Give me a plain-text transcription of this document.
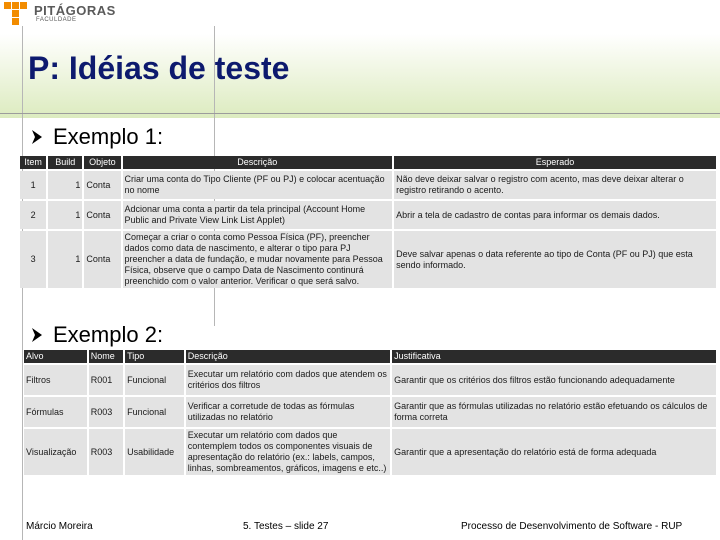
PITÁGORAS
FACULDADE
P: Idéias de teste
Exemplo 1:
Item	Build	Objeto	Descrição	Esperado
1	1	Conta	Criar uma conta do Tipo Cliente (PF ou PJ) e colocar acentuação no nome	Não deve deixar salvar o registro com acento, mas deve deixar alterar o registro retirando o acento.
2	1	Conta	Adcionar uma conta a partir da tela principal (Account Home Public and Private View Link List Applet)	Abrir a tela de cadastro de contas para informar os demais dados.
3	1	Conta	Começar a criar o conta como Pessoa Física (PF), preencher dados como data de nascimento, e alterar o tipo para PJ preencher a data de fundação, e mudar novamente para Pessoa Física, observe que o campo Data de Nascimento continurá preenchido com o valor anterior. Verificar o que será salvo.	Deve salvar apenas o data referente ao tipo de Conta (PF ou PJ) que esta sendo informado.
Exemplo 2:
Alvo	Nome	Tipo	Descrição	Justificativa
Filtros	R001	Funcional	Executar um relatório com dados que atendem os critérios dos filtros	Garantir que os critérios dos filtros estão funcionando adequadamente
Fórmulas	R003	Funcional	Verificar a corretude de todas as fórmulas utilizadas no relatório	Garantir que as fórmulas utilizadas no relatório estão efetuando os cálculos de forma correta
Visualização	R003	Usabilidade	Executar um relatório com dados que contemplem todos os componentes visuais de apresentação do relatório (ex.: labels, campos, linhas, sombreamentos, gráficos, imagens e etc..)	Garantir que a apresentação do relatório está de forma adequada
Márcio Moreira	5. Testes – slide 27	Processo de Desenvolvimento de Software - RUP
